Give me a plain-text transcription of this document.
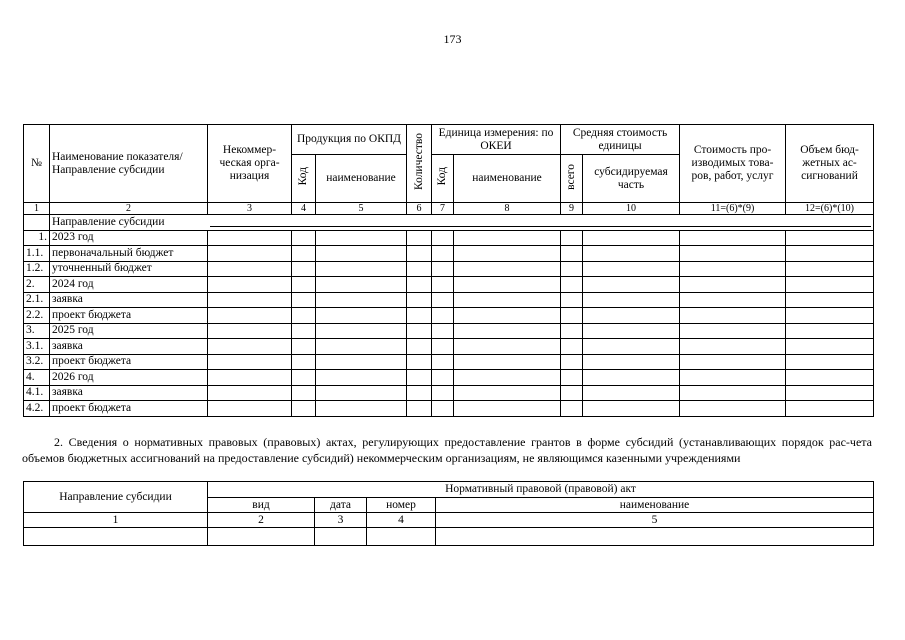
173
№	Наименование показателя/ Направление субсидии	Некоммер-ческая орга-низация	Продукция по ОКПД		Количество	Единица измерения: по ОКЕИ		Средняя стоимость единицы		Стоимость про-изводимых това-ров, работ, услуг	Объем бюд-жетных ас-сигнований
			Код	наименование		Код	наименование	всего	субсидируемая часть		
1	2	3	4	5	6	7	8	9	10	11=(6)*(9)	12=(6)*(10)
	Направление субсидии										

1.	2023 год										
1.1.	первоначальный бюджет										
1.2.	уточненный бюджет										
2.	2024 год										
2.1.	заявка										
2.2.	проект бюджета										
3.	2025 год										
3.1.	заявка										
3.2.	проект бюджета										
4.	2026 год										
4.1.	заявка										
4.2.	проект бюджета										
2. Сведения о нормативных правовых (правовых) актах, регулирующих предоставление грантов в форме субсидий (устанавливающих порядок рас-чета объемов бюджетных ассигнований на предоставление субсидий) некоммерческим организациям, не являющимся казенными учреждениями
Направление субсидии	Нормативный правовой (правовой) акт			
	вид	дата	номер	наименование
1	2	3	4	5
